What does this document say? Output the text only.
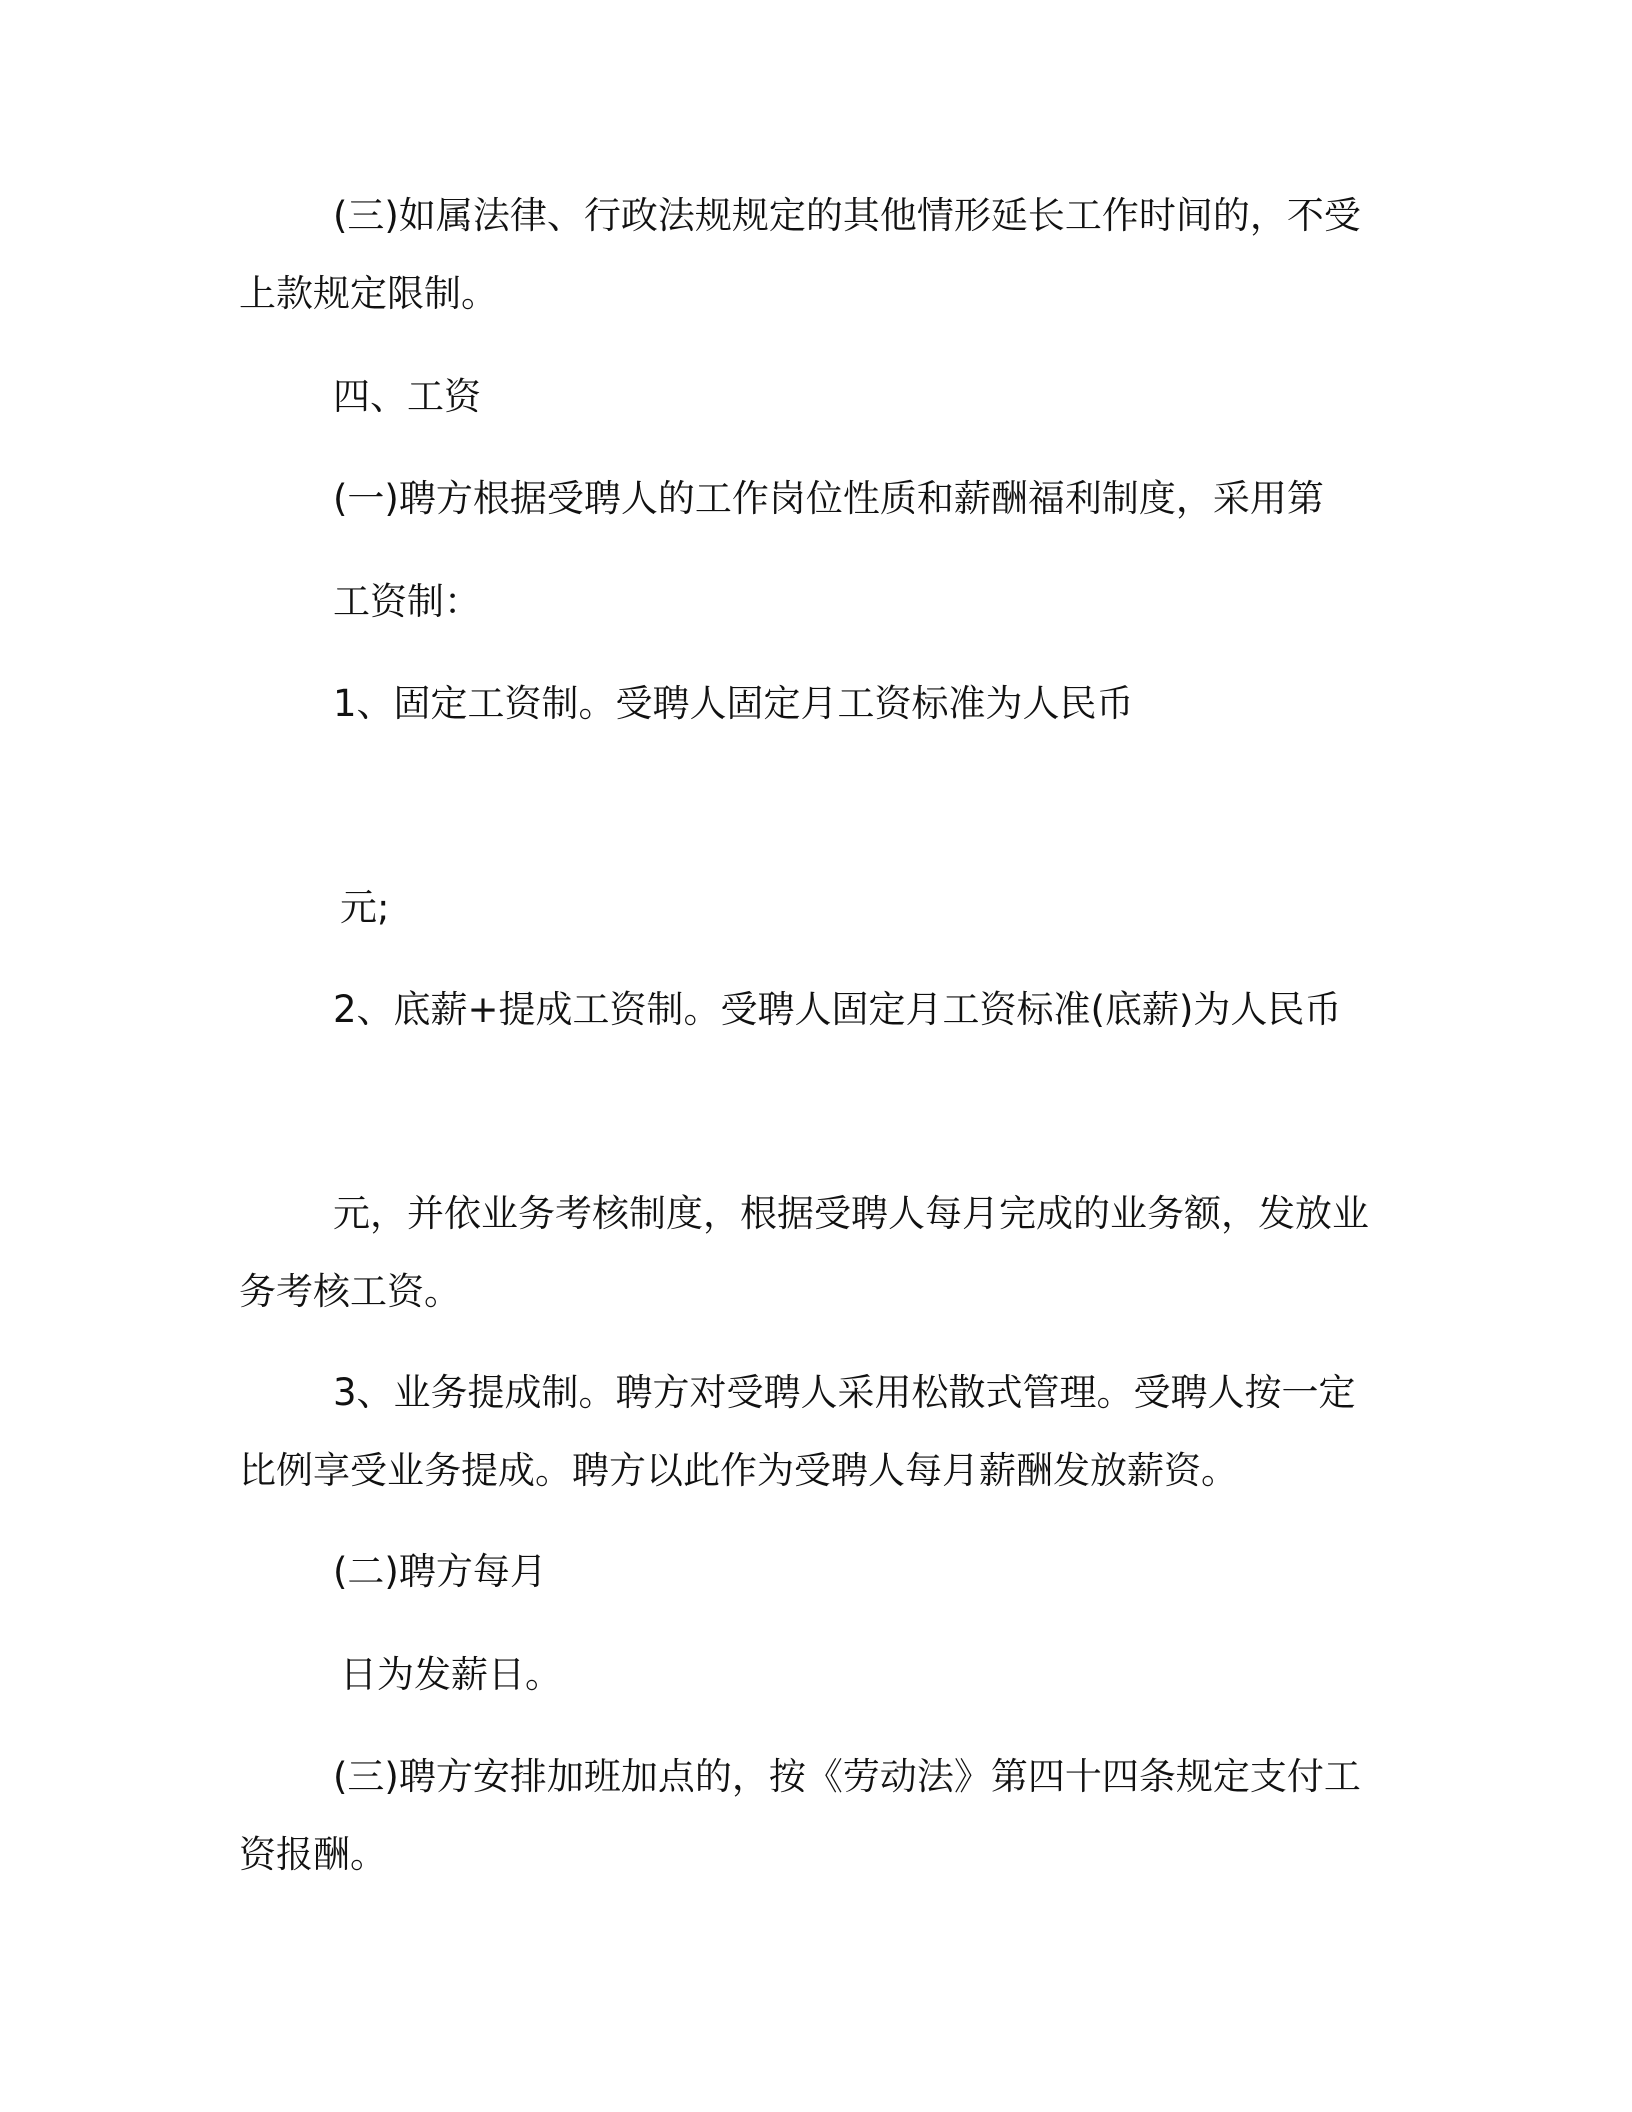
(三)如属法律、行政法规规定的其他情形延长工作时间的，不受
上款规定限制。
四、工资
(一)聘方根据受聘人的工作岗位性质和薪酬福利制度，采用第
工资制：
1、固定工资制。受聘人固定月工资标准为人民币
元;
2、底薪+提成工资制。受聘人固定月工资标准(底薪)为人民币
元，并依业务考核制度，根据受聘人每月完成的业务额，发放业
务考核工资。
3、业务提成制。聘方对受聘人采用松散式管理。受聘人按一定
比例享受业务提成。聘方以此作为受聘人每月薪酬发放薪资。
(二)聘方每月
日为发薪日。
(三)聘方安排加班加点的，按《劳动法》第四十四条规定支付工
资报酬。
